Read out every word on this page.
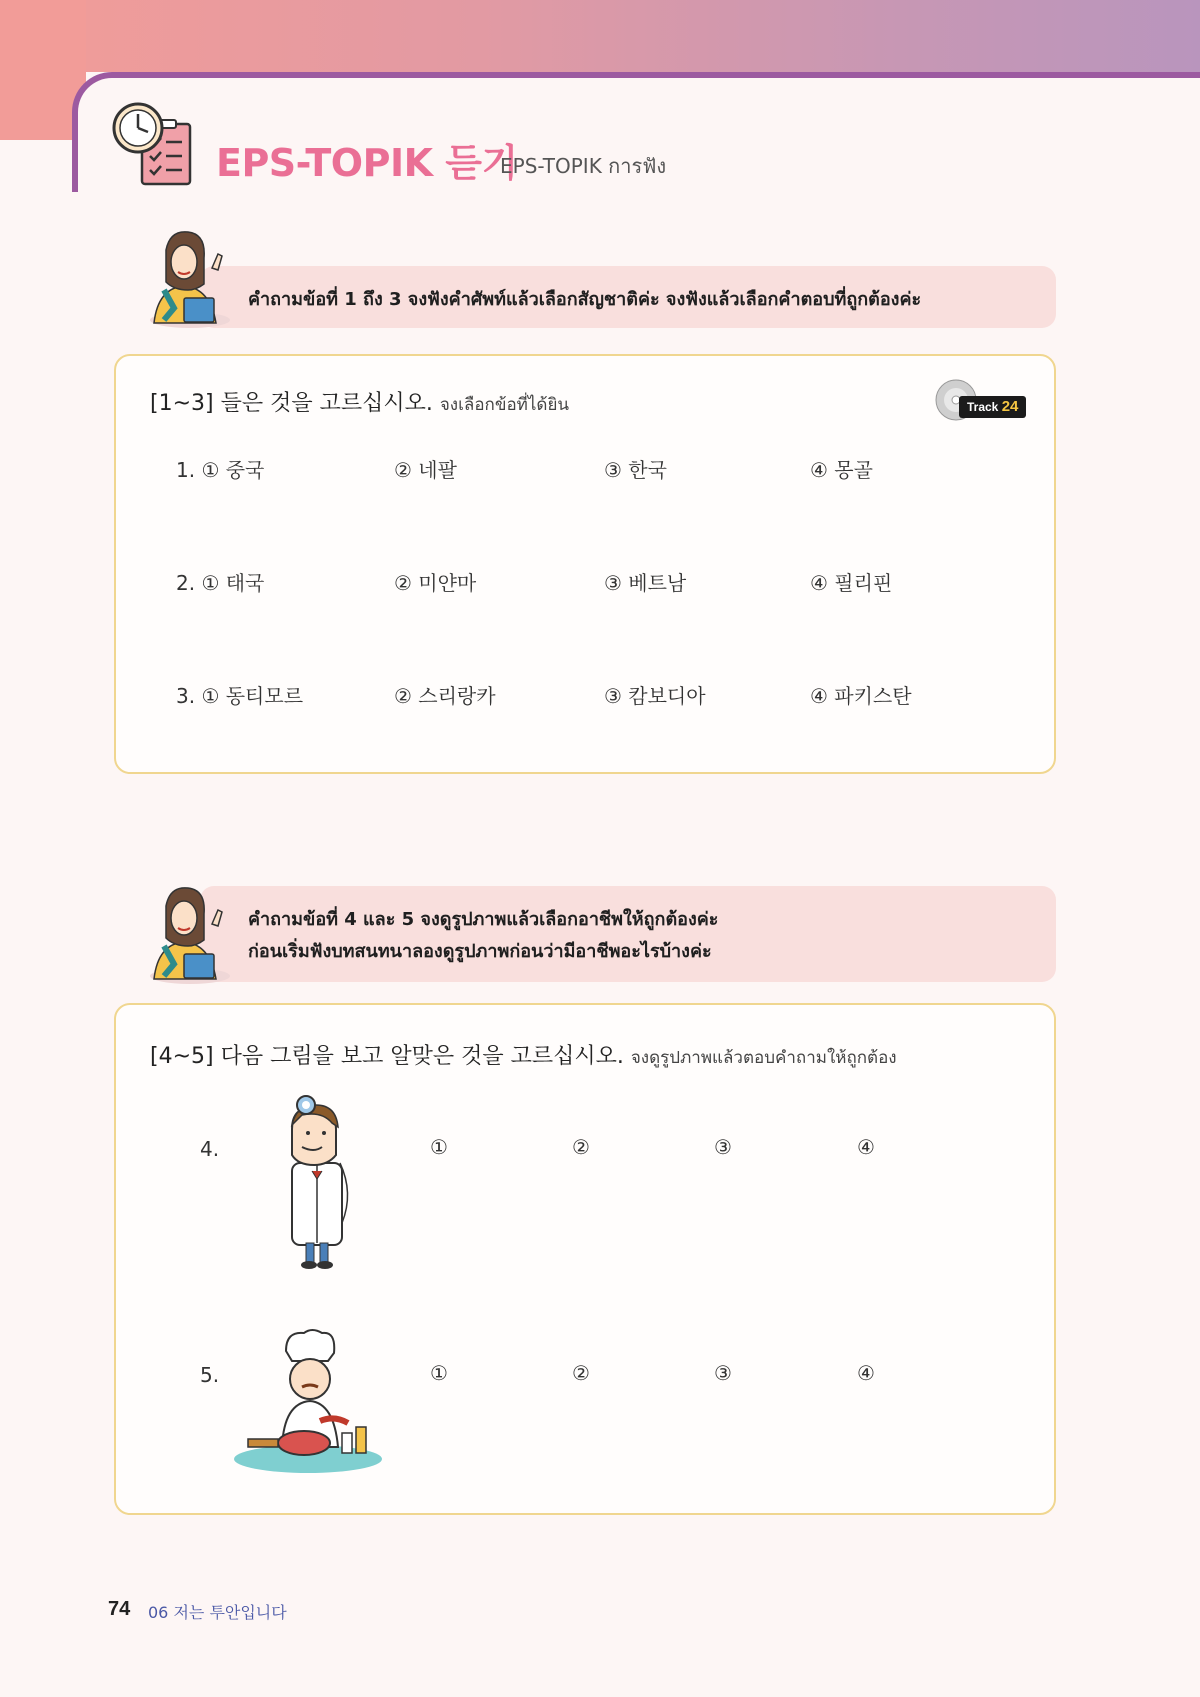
EPS-TOPIK 듣기
EPS-TOPIK การฟัง
คำถามข้อที่ 1 ถึง 3 จงฟังคำศัพท์แล้วเลือกสัญชาติค่ะ จงฟังแล้วเลือกคำตอบที่ถูกต้องค่ะ
[1~3] 들은 것을 고르십시오. จงเลือกข้อที่ได้ยิน	Track 24
1. ① 중국	② 네팔	③ 한국	④ 몽골
2. ① 태국	② 미얀마	③ 베트남	④ 필리핀
3. ① 동티모르	② 스리랑카	③ 캄보디아	④ 파키스탄
คำถามข้อที่ 4 และ 5 จงดูรูปภาพแล้วเลือกอาชีพให้ถูกต้องค่ะ
ก่อนเริ่มฟังบทสนทนาลองดูรูปภาพก่อนว่ามีอาชีพอะไรบ้างค่ะ
[4~5] 다음 그림을 보고 알맞은 것을 고르십시오. จงดูรูปภาพแล้วตอบคำถามให้ถูกต้อง
4.	①	②	③	④
5.	①	②	③	④
74 06 저는 투안입니다
